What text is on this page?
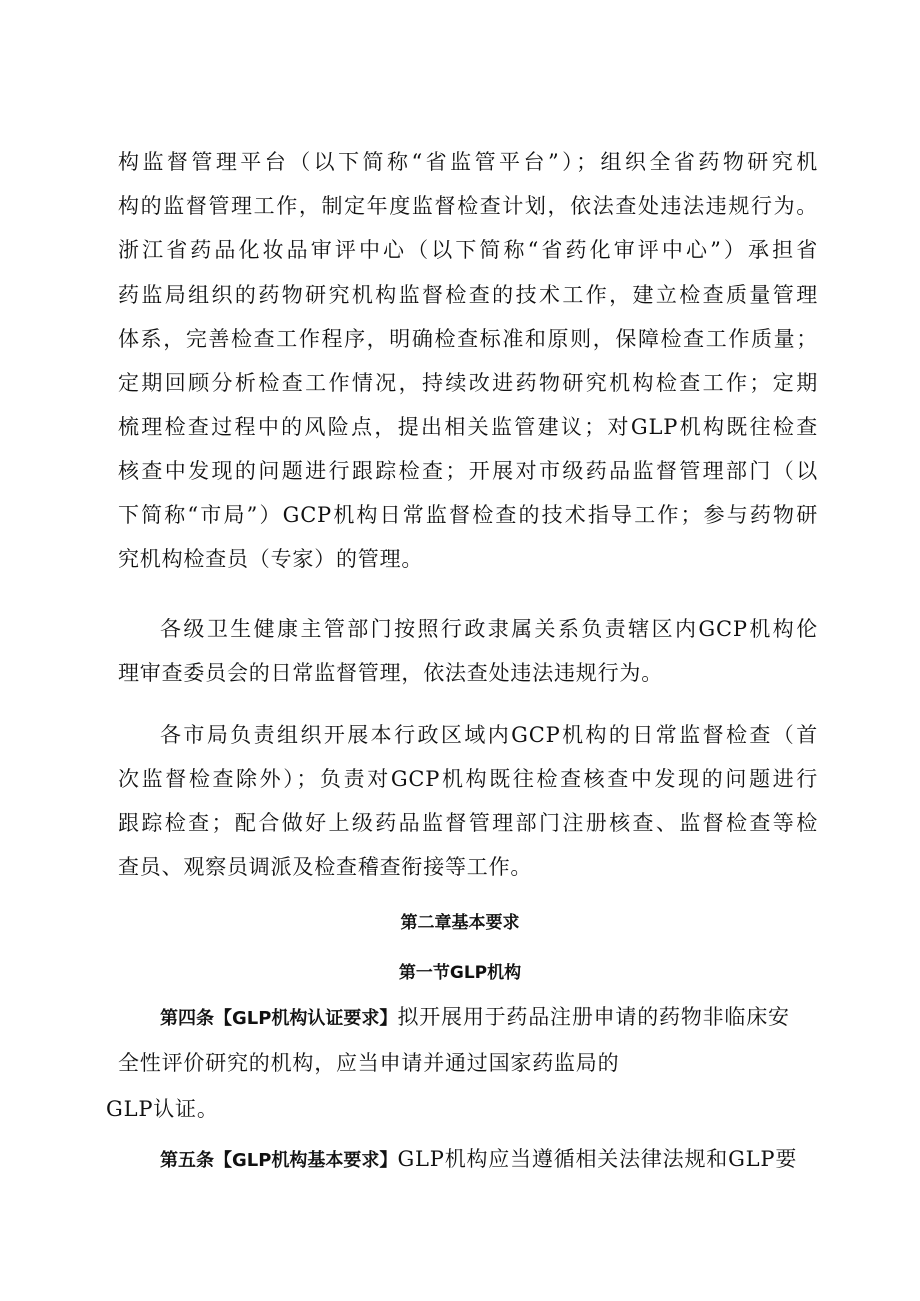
构监督管理平台（以下简称“省监管平台”）；组织全省药物研究机
构的监督管理工作，制定年度监督检查计划，依法查处违法违规行为。
浙江省药品化妆品审评中心（以下简称“省药化审评中心”）承担省
药监局组织的药物研究机构监督检查的技术工作，建立检查质量管理
体系，完善检查工作程序，明确检查标准和原则，保障检查工作质量；
定期回顾分析检查工作情况，持续改进药物研究机构检查工作；定期
梳理检查过程中的风险点，提出相关监管建议；对GLP机构既往检查
核查中发现的问题进行跟踪检查；开展对市级药品监督管理部门（以
下简称“市局”）GCP机构日常监督检查的技术指导工作；参与药物研
究机构检查员（专家）的管理。
各级卫生健康主管部门按照行政隶属关系负责辖区内GCP机构伦
理审查委员会的日常监督管理，依法查处违法违规行为。
各市局负责组织开展本行政区域内GCP机构的日常监督检查（首
次监督检查除外）；负责对GCP机构既往检查核查中发现的问题进行
跟踪检查；配合做好上级药品监督管理部门注册核查、监督检查等检
查员、观察员调派及检查稽查衔接等工作。
第二章基本要求
第一节GLP机构
第四条【GLP机构认证要求】拟开展用于药品注册申请的药物非临床安
全性评价研究的机构，应当申请并通过国家药监局的
GLP认证。
第五条【GLP机构基本要求】GLP机构应当遵循相关法律法规和GLP要
